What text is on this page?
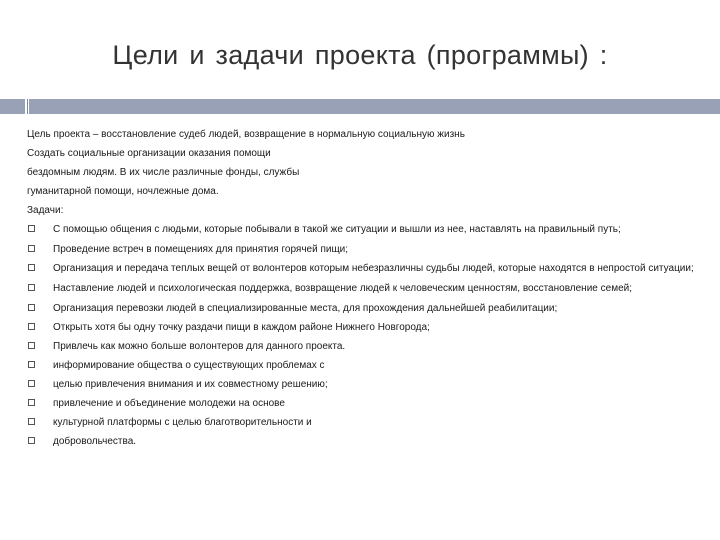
Цели и задачи проекта (программы) :

Цель проекта – восстановление судеб людей, возвращение в нормальную социальную жизнь

Создать социальные организации оказания помощи

бездомным людям. В их числе различные фонды, службы

гуманитарной помощи, ночлежные дома.

Задачи:

С помощью общения с людьми, которые побывали в такой же ситуации и вышли из нее, наставлять на правильный путь;
Проведение встреч в помещениях для принятия горячей пищи;
Организация и передача теплых вещей от волонтеров которым небезразличны судьбы людей, которые находятся в непростой ситуации;
Наставление людей и психологическая поддержка, возвращение людей к человеческим ценностям, восстановление семей;
Организация перевозки людей в специализированные места, для прохождения дальнейшей реабилитации;
Открыть хотя бы одну точку раздачи пищи в каждом районе Нижнего Новгорода;
Привлечь как можно больше волонтеров для данного проекта.
информирование общества о существующих проблемах с
целью привлечения внимания и их совместному решению;
привлечение и объединение молодежи на основе
культурной платформы с целью благотворительности и
добровольчества.
